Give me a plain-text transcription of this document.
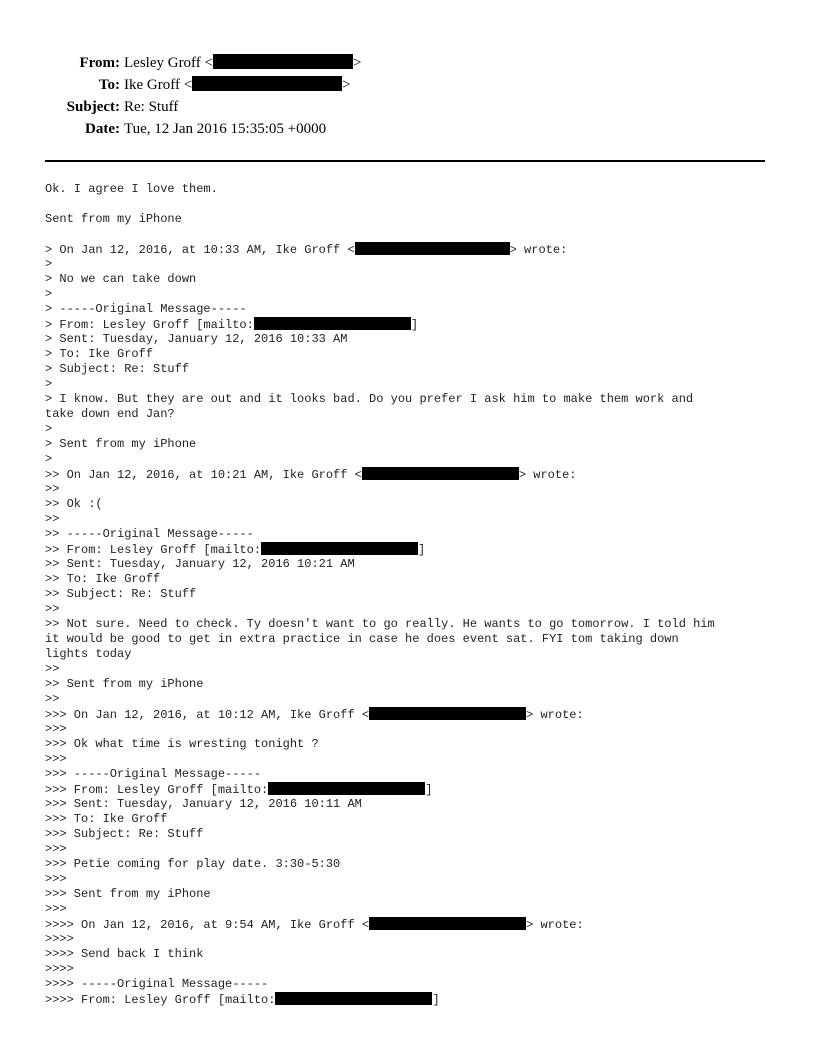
From: Lesley Groff <	>
To: Ike Groff <	>
Subject: Re: Stuff
Date: Tue, 12 Jan 2016 15:35:05 +0000
Ok. I agree I love them.
Sent from my iPhone
> On Jan 12, 2016, at 10:33 AM, Ike Groff <	> wrote:
>
> No we can take down
>
> -----Original Message-----
> From: Lesley Groff [mailto:	]
> Sent: Tuesday, January 12, 2016 10:33 AM
> To: Ike Groff
> Subject: Re: Stuff
>
> I know. But they are out and it looks bad. Do you prefer I ask him to make them work and
take down end Jan?
>
> Sent from my iPhone
>
>> On Jan 12, 2016, at 10:21 AM, Ike Groff <	> wrote:
>>
>> Ok :(
>>
>> -----Original Message-----
>> From: Lesley Groff [mailto:	]
>> Sent: Tuesday, January 12, 2016 10:21 AM
>> To: Ike Groff
>> Subject: Re: Stuff
>>
>> Not sure. Need to check. Ty doesn't want to go really. He wants to go tomorrow. I told him
it would be good to get in extra practice in case he does event sat. FYI tom taking down
lights today
>>
>> Sent from my iPhone
>>
>>> On Jan 12, 2016, at 10:12 AM, Ike Groff <	> wrote:
>>>
>>> Ok what time is wresting tonight ?
>>>
>>> -----Original Message-----
>>> From: Lesley Groff [mailto:	]
>>> Sent: Tuesday, January 12, 2016 10:11 AM
>>> To: Ike Groff
>>> Subject: Re: Stuff
>>>
>>> Petie coming for play date. 3:30-5:30
>>>
>>> Sent from my iPhone
>>>
>>>> On Jan 12, 2016, at 9:54 AM, Ike Groff <	> wrote:
>>>>
>>>> Send back I think
>>>>
>>>> -----Original Message-----
>>>> From: Lesley Groff [mailto:	]
